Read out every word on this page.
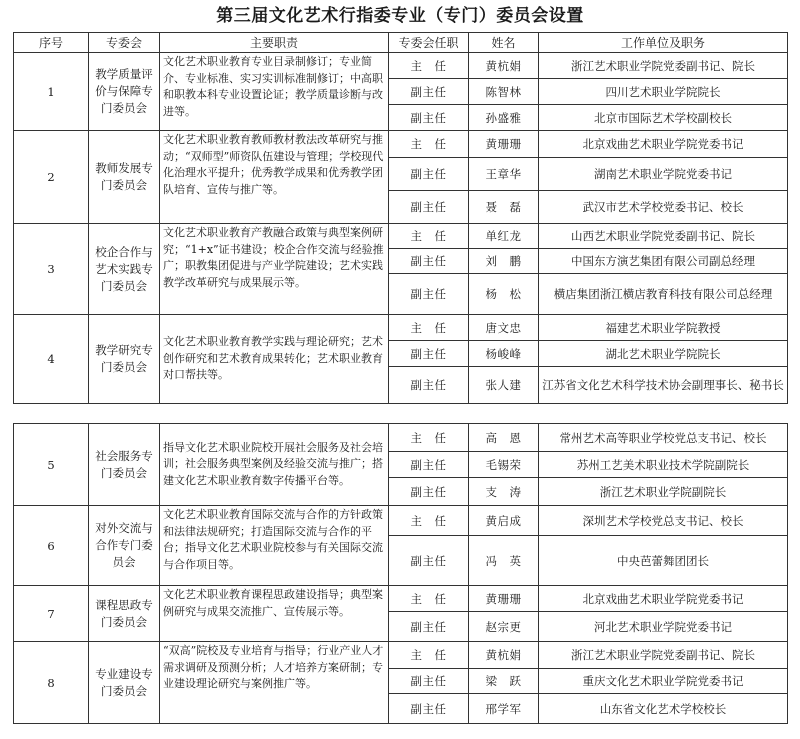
第三届文化艺术行指委专业（专门）委员会设置
序号	专委会	主要职责	专委会任职	姓名	工作单位及职务
1	教学质量评价与保障专门委员会	文化艺术职业教育专业目录制修订；专业简介、专业标准、实习实训标准制修订；中高职和职教本科专业设置论证；教学质量诊断与改进等。	主　任	黄杭娟	浙江艺术职业学院党委副书记、院长
			副主任	陈智林	四川艺术职业学院院长
			副主任	孙盛雅	北京市国际艺术学校副校长
2	教师发展专门委员会	文化艺术职业教育教师教材教法改革研究与推动；“双师型”师资队伍建设与管理；学校现代化治理水平提升；优秀教学成果和优秀教学团队培育、宣传与推广等。	主　任	黄珊珊	北京戏曲艺术职业学院党委书记
			副主任	王章华	湖南艺术职业学院党委书记
			副主任	聂　磊	武汉市艺术学校党委书记、校长
3	校企合作与艺术实践专门委员会	文化艺术职业教育产教融合政策与典型案例研究；“1+x”证书建设；校企合作交流与经验推广；职教集团促进与产业学院建设；艺术实践教学改革研究与成果展示等。	主　任	单红龙	山西艺术职业学院党委副书记、院长
			副主任	刘　鹏	中国东方演艺集团有限公司副总经理
			副主任	杨　松	横店集团浙江横店教育科技有限公司总经理
4	教学研究专门委员会	文化艺术职业教育教学实践与理论研究；艺术创作研究和艺术教育成果转化；艺术职业教育对口帮扶等。	主　任	唐文忠	福建艺术职业学院教授
			副主任	杨峻峰	湖北艺术职业学院院长
			副主任	张人建	江苏省文化艺术科学技术协会副理事长、秘书长
5	社会服务专门委员会	指导文化艺术职业院校开展社会服务及社会培训；社会服务典型案例及经验交流与推广；搭建文化艺术职业教育数字传播平台等。	主　任	高　恩	常州艺术高等职业学校党总支书记、校长
			副主任	毛锡荣	苏州工艺美术职业技术学院副院长
			副主任	支　涛	浙江艺术职业学院副院长
6	对外交流与合作专门委员会	文化艺术职业教育国际交流与合作的方针政策和法律法规研究；打造国际交流与合作的平台；指导文化艺术职业院校参与有关国际交流与合作项目等。	主　任	黄启成	深圳艺术学校党总支书记、校长
			副主任	冯　英	中央芭蕾舞团团长
7	课程思政专门委员会	文化艺术职业教育课程思政建设指导；典型案例研究与成果交流推广、宣传展示等。	主　任	黄珊珊	北京戏曲艺术职业学院党委书记
			副主任	赵宗更	河北艺术职业学院党委书记
8	专业建设专门委员会	“双高”院校及专业培育与指导；行业产业人才需求调研及预测分析；人才培养方案研制；专业建设理论研究与案例推广等。	主　任	黄杭娟	浙江艺术职业学院党委副书记、院长
			副主任	梁　跃	重庆文化艺术职业学院党委书记
			副主任	邢学军	山东省文化艺术学校校长
